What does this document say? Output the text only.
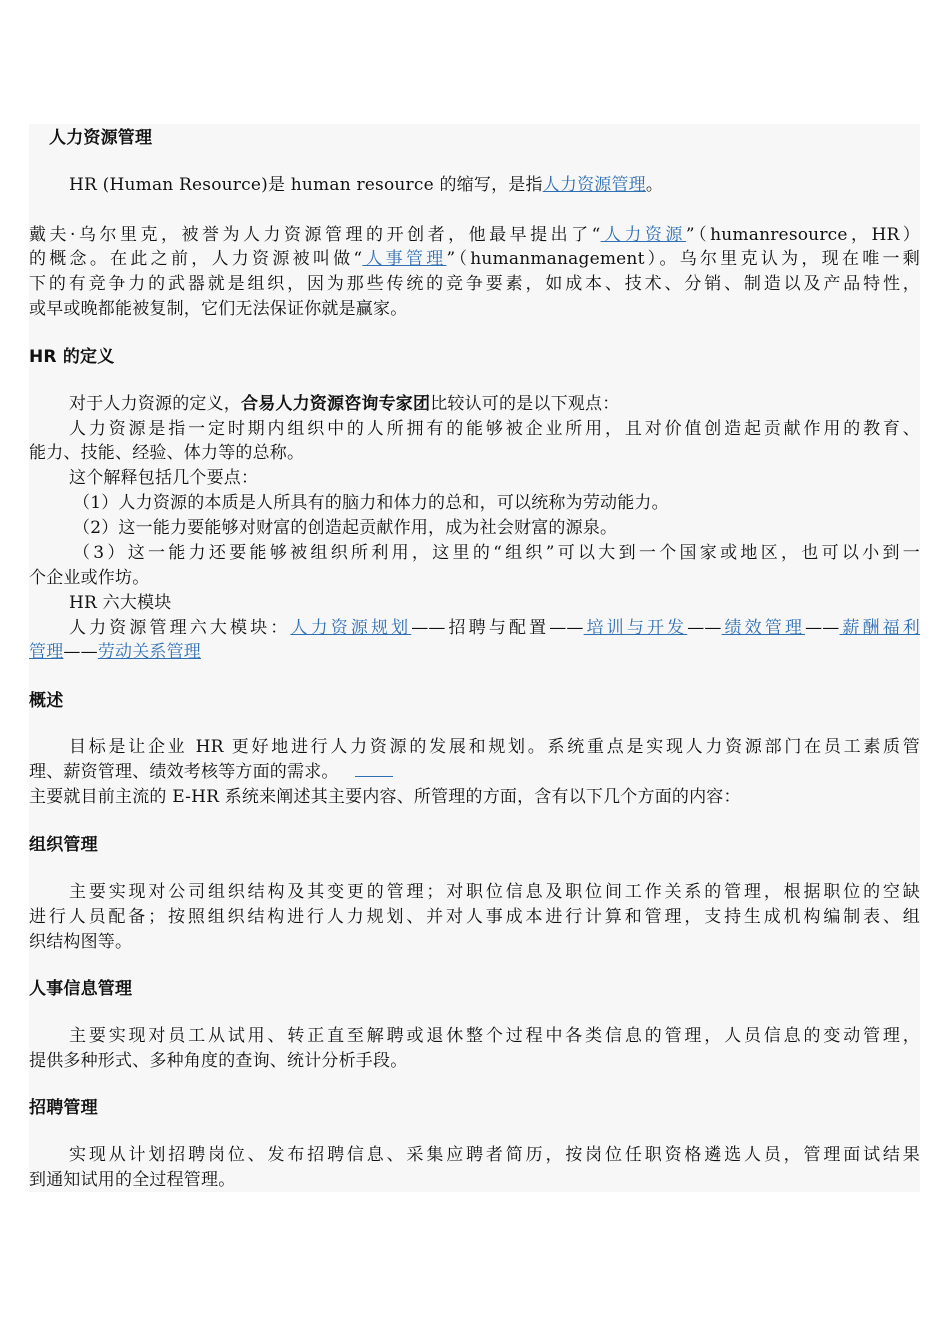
人力资源管理
HR (Human Resource)是 human resource 的缩写，是指人力资源管理。
戴夫·乌尔里克，被誉为人力资源管理的开创者，他最早提出了“人力资源”（humanresource，HR）
的概念。在此之前，人力资源被叫做“人事管理”（humanmanagement）。乌尔里克认为，现在唯一剩
下的有竞争力的武器就是组织，因为那些传统的竞争要素，如成本、技术、分销、制造以及产品特性，
或早或晚都能被复制，它们无法保证你就是赢家。
HR 的定义
对于人力资源的定义，合易人力资源咨询专家团比较认可的是以下观点：
人力资源是指一定时期内组织中的人所拥有的能够被企业所用，且对价值创造起贡献作用的教育、
能力、技能、经验、体力等的总称。
这个解释包括几个要点：
（1）人力资源的本质是人所具有的脑力和体力的总和，可以统称为劳动能力。
（2）这一能力要能够对财富的创造起贡献作用，成为社会财富的源泉。
（3）这一能力还要能够被组织所利用，这里的“组织”可以大到一个国家或地区，也可以小到一
个企业或作坊。
HR 六大模块
人力资源管理六大模块：人力资源规划——招聘与配置——培训与开发——绩效管理——薪酬福利
管理——劳动关系管理
概述
目标是让企业 HR 更好地进行人力资源的发展和规划。系统重点是实现人力资源部门在员工素质管
理、薪资管理、绩效考核等方面的需求。
主要就目前主流的 E-HR 系统来阐述其主要内容、所管理的方面，含有以下几个方面的内容：
组织管理
主要实现对公司组织结构及其变更的管理；对职位信息及职位间工作关系的管理，根据职位的空缺
进行人员配备；按照组织结构进行人力规划、并对人事成本进行计算和管理，支持生成机构编制表、组
织结构图等。
人事信息管理
主要实现对员工从试用、转正直至解聘或退休整个过程中各类信息的管理，人员信息的变动管理，
提供多种形式、多种角度的查询、统计分析手段。
招聘管理
实现从计划招聘岗位、发布招聘信息、采集应聘者简历，按岗位任职资格遴选人员，管理面试结果
到通知试用的全过程管理。
